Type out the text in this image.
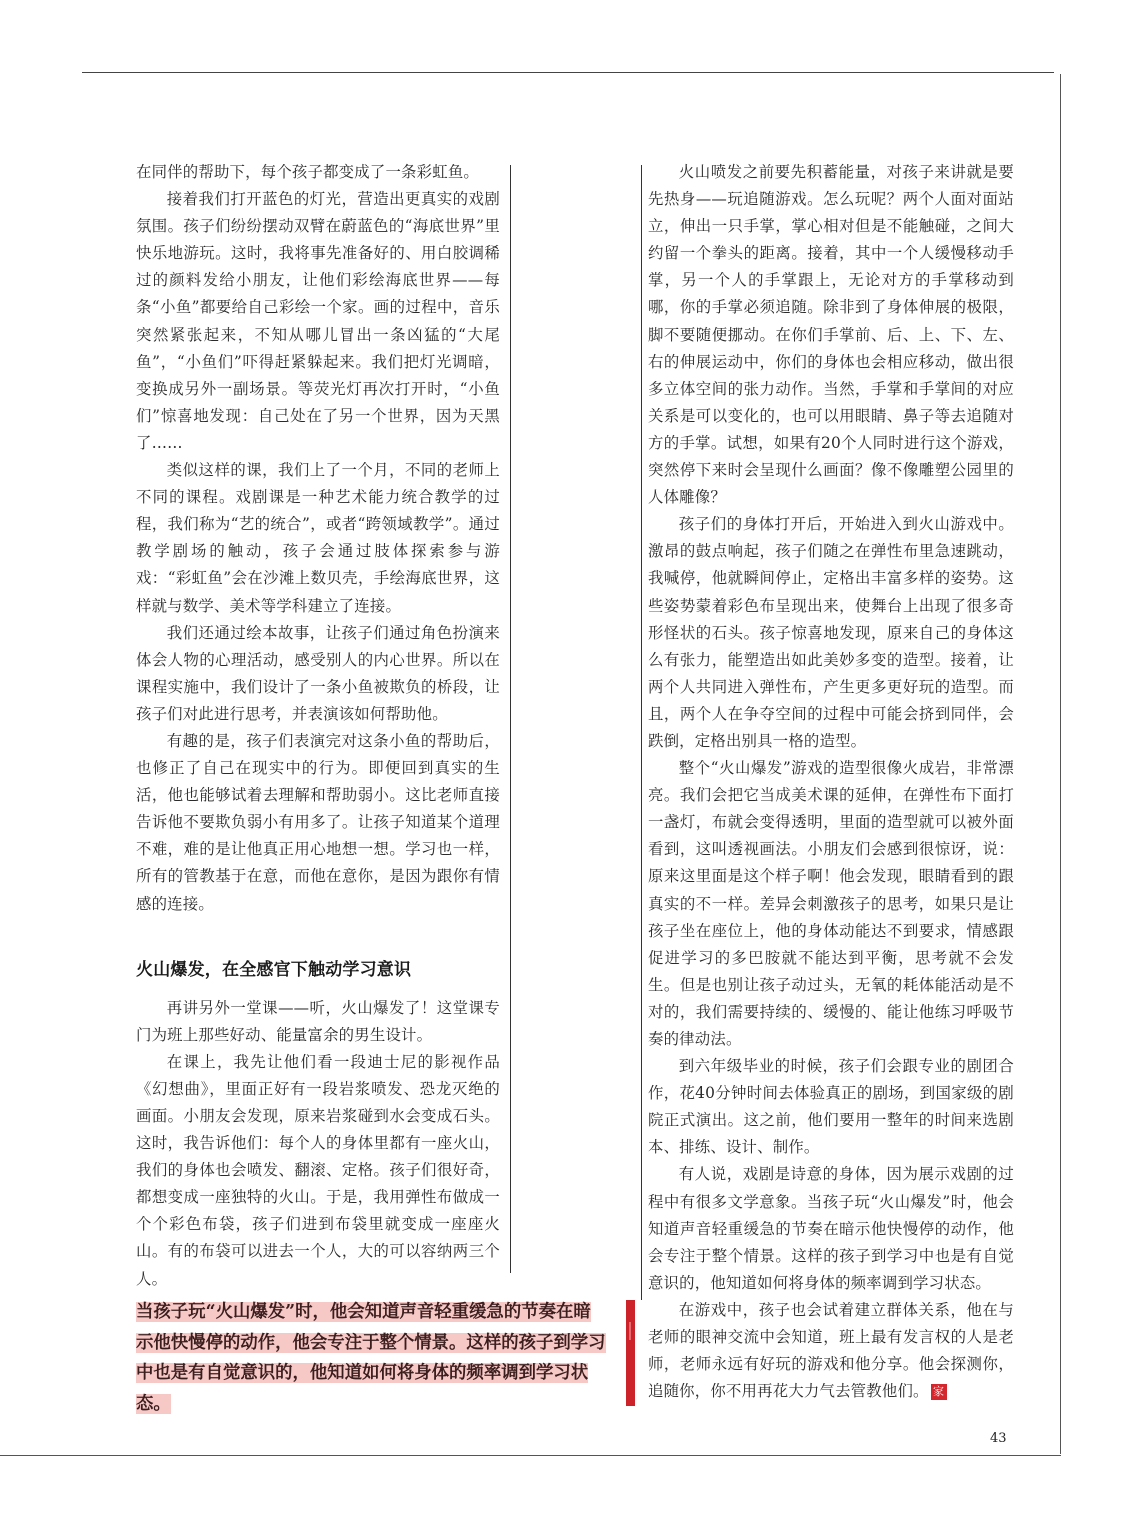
在同伴的帮助下，每个孩子都变成了一条彩虹鱼。

接着我们打开蓝色的灯光，营造出更真实的戏剧氛围。孩子们纷纷摆动双臂在蔚蓝色的“海底世界”里快乐地游玩。这时，我将事先准备好的、用白胶调稀过的颜料发给小朋友，让他们彩绘海底世界——每条“小鱼”都要给自己彩绘一个家。画的过程中，音乐突然紧张起来，不知从哪儿冒出一条凶猛的“大尾鱼”，“小鱼们”吓得赶紧躲起来。我们把灯光调暗，变换成另外一副场景。等荧光灯再次打开时，“小鱼们”惊喜地发现：自己处在了另一个世界，因为天黑了……

类似这样的课，我们上了一个月，不同的老师上不同的课程。戏剧课是一种艺术能力统合教学的过程，我们称为“艺的统合”，或者“跨领域教学”。通过教学剧场的触动，孩子会通过肢体探索参与游戏：“彩虹鱼”会在沙滩上数贝壳，手绘海底世界，这样就与数学、美术等学科建立了连接。

我们还通过绘本故事，让孩子们通过角色扮演来体会人物的心理活动，感受别人的内心世界。所以在课程实施中，我们设计了一条小鱼被欺负的桥段，让孩子们对此进行思考，并表演该如何帮助他。

有趣的是，孩子们表演完对这条小鱼的帮助后，也修正了自己在现实中的行为。即便回到真实的生活，他也能够试着去理解和帮助弱小。这比老师直接告诉他不要欺负弱小有用多了。让孩子知道某个道理不难，难的是让他真正用心地想一想。学习也一样，所有的管教基于在意，而他在意你，是因为跟你有情感的连接。

火山爆发，在全感官下触动学习意识

再讲另外一堂课——听，火山爆发了！这堂课专门为班上那些好动、能量富余的男生设计。

在课上，我先让他们看一段迪士尼的影视作品《幻想曲》，里面正好有一段岩浆喷发、恐龙灭绝的画面。小朋友会发现，原来岩浆碰到水会变成石头。这时，我告诉他们：每个人的身体里都有一座火山，我们的身体也会喷发、翻滚、定格。孩子们很好奇，都想变成一座独特的火山。于是，我用弹性布做成一个个彩色布袋，孩子们进到布袋里就变成一座座火山。有的布袋可以进去一个人，大的可以容纳两三个人。

当孩子玩“火山爆发”时，他会知道声音轻重缓急的节奏在暗示他快慢停的动作，他会专注于整个情景。这样的孩子到学习中也是有自觉意识的，他知道如何将身体的频率调到学习状态。

火山喷发之前要先积蓄能量，对孩子来讲就是要先热身——玩追随游戏。怎么玩呢？两个人面对面站立，伸出一只手掌，掌心相对但是不能触碰，之间大约留一个拳头的距离。接着，其中一个人缓慢移动手掌，另一个人的手掌跟上，无论对方的手掌移动到哪，你的手掌必须追随。除非到了身体伸展的极限，脚不要随便挪动。在你们手掌前、后、上、下、左、右的伸展运动中，你们的身体也会相应移动，做出很多立体空间的张力动作。当然，手掌和手掌间的对应关系是可以变化的，也可以用眼睛、鼻子等去追随对方的手掌。试想，如果有20个人同时进行这个游戏，突然停下来时会呈现什么画面？像不像雕塑公园里的人体雕像？

孩子们的身体打开后，开始进入到火山游戏中。激昂的鼓点响起，孩子们随之在弹性布里急速跳动，我喊停，他就瞬间停止，定格出丰富多样的姿势。这些姿势蒙着彩色布呈现出来，使舞台上出现了很多奇形怪状的石头。孩子惊喜地发现，原来自己的身体这么有张力，能塑造出如此美妙多变的造型。接着，让两个人共同进入弹性布，产生更多更好玩的造型。而且，两个人在争夺空间的过程中可能会挤到同伴，会跌倒，定格出别具一格的造型。

整个“火山爆发”游戏的造型很像火成岩，非常漂亮。我们会把它当成美术课的延伸，在弹性布下面打一盏灯，布就会变得透明，里面的造型就可以被外面看到，这叫透视画法。小朋友们会感到很惊讶，说：原来这里面是这个样子啊！他会发现，眼睛看到的跟真实的不一样。差异会刺激孩子的思考，如果只是让孩子坐在座位上，他的身体动能达不到要求，情感跟促进学习的多巴胺就不能达到平衡，思考就不会发生。但是也别让孩子动过头，无氧的耗体能活动是不对的，我们需要持续的、缓慢的、能让他练习呼吸节奏的律动法。

到六年级毕业的时候，孩子们会跟专业的剧团合作，花40分钟时间去体验真正的剧场，到国家级的剧院正式演出。这之前，他们要用一整年的时间来选剧本、排练、设计、制作。

有人说，戏剧是诗意的身体，因为展示戏剧的过程中有很多文学意象。当孩子玩“火山爆发”时，他会知道声音轻重缓急的节奏在暗示他快慢停的动作，他会专注于整个情景。这样的孩子到学习中也是有自觉意识的，他知道如何将身体的频率调到学习状态。

在游戏中，孩子也会试着建立群体关系，他在与老师的眼神交流中会知道，班上最有发言权的人是老师，老师永远有好玩的游戏和他分享。他会探测你，追随你，你不用再花大力气去管教他们。 家

43
